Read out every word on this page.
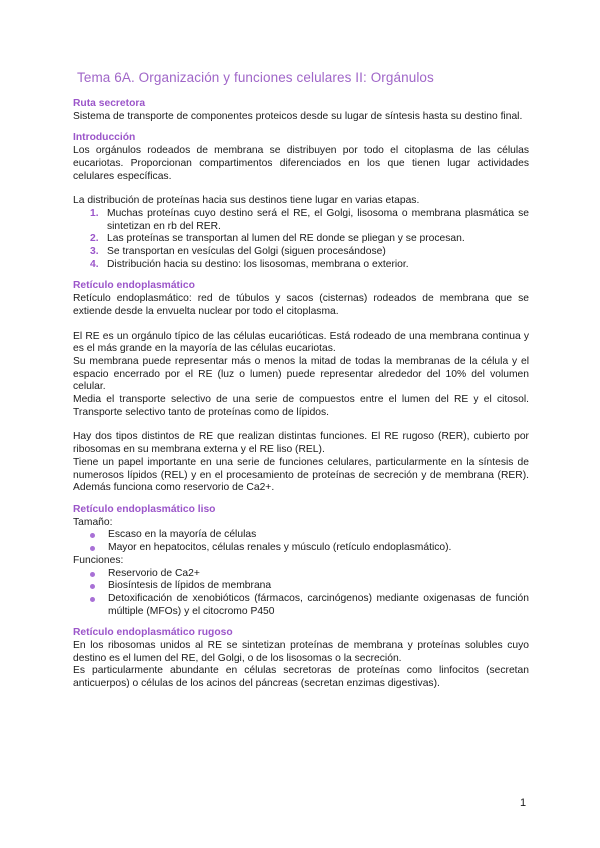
Tema 6A. Organización y funciones celulares II: Orgánulos
Ruta secretora
Sistema de transporte de componentes proteicos desde su lugar de síntesis hasta su destino final.
Introducción
Los orgánulos rodeados de membrana se distribuyen por todo el citoplasma de las células eucariotas. Proporcionan compartimentos diferenciados en los que tienen lugar actividades celulares específicas.
La distribución de proteínas hacia sus destinos tiene lugar en varias etapas.
1. Muchas proteínas cuyo destino será el RE, el Golgi, lisosoma o membrana plasmática se sintetizan en rb del RER.
2. Las proteínas se transportan al lumen del RE donde se pliegan y se procesan.
3. Se transportan en vesículas del Golgi (siguen procesándose)
4. Distribución hacia su destino: los lisosomas, membrana o exterior.
Retículo endoplasmático
Retículo endoplasmático: red de túbulos y sacos (cisternas) rodeados de membrana que se extiende desde la envuelta nuclear por todo el citoplasma.
El RE es un orgánulo típico de las células eucarióticas. Está rodeado de una membrana continua y es el más grande en la mayoría de las células eucariotas.
Su membrana puede representar más o menos la mitad de todas la membranas de la célula y el espacio encerrado por el RE (luz o lumen) puede representar alrededor del 10% del volumen celular.
Media el transporte selectivo de una serie de compuestos entre el lumen del RE y el citosol. Transporte selectivo tanto de proteínas como de lípidos.
Hay dos tipos distintos de RE que realizan distintas funciones. El RE rugoso (RER), cubierto por ribosomas en su membrana externa y el RE liso (REL).
Tiene un papel importante en una serie de funciones celulares, particularmente en la síntesis de numerosos lípidos (REL) y en el procesamiento de proteínas de secreción y de membrana (RER). Además funciona como reservorio de Ca2+.
Retículo endoplasmático liso
Tamaño:
Escaso en la mayoría de células
Mayor en hepatocitos, células renales y músculo (retículo endoplasmático).
Funciones:
Reservorio de Ca2+
Biosíntesis de lípidos de membrana
Detoxificación de xenobióticos (fármacos, carcinógenos) mediante oxigenasas de función múltiple (MFOs) y el citocromo P450
Retículo endoplasmático rugoso
En los ribosomas unidos al RE se sintetizan proteínas de membrana y proteínas solubles cuyo destino es el lumen del RE, del Golgi, o de los lisosomas o la secreción.
Es particularmente abundante en células secretoras de proteínas como linfocitos (secretan anticuerpos) o células de los acinos del páncreas (secretan enzimas digestivas).
1
